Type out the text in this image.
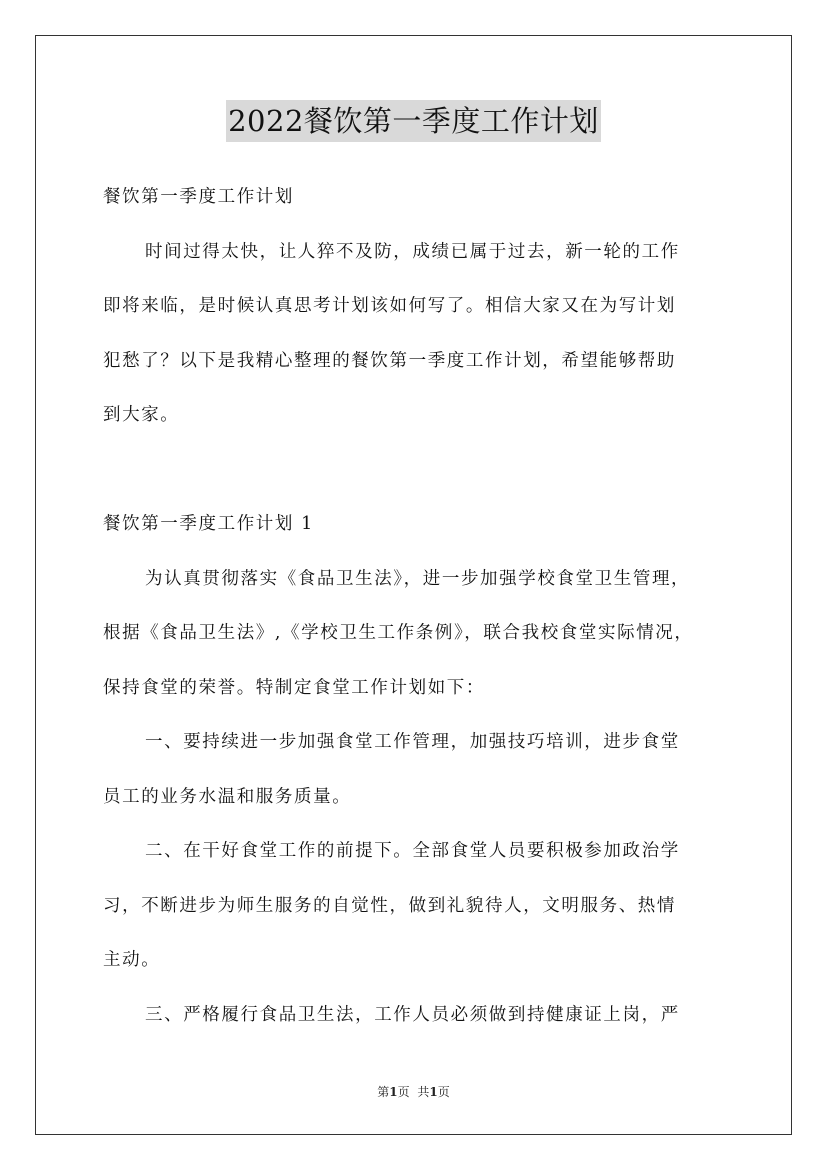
2022餐饮第一季度工作计划
餐饮第一季度工作计划
时间过得太快，让人猝不及防，成绩已属于过去，新一轮的工作
即将来临，是时候认真思考计划该如何写了。相信大家又在为写计划
犯愁了？以下是我精心整理的餐饮第一季度工作计划，希望能够帮助
到大家。
餐饮第一季度工作计划 1
为认真贯彻落实《食品卫生法》，进一步加强学校食堂卫生管理，
根据《食品卫生法》,《学校卫生工作条例》，联合我校食堂实际情况，
保持食堂的荣誉。特制定食堂工作计划如下：
一、要持续进一步加强食堂工作管理，加强技巧培训，进步食堂
员工的业务水温和服务质量。
二、在干好食堂工作的前提下。全部食堂人员要积极参加政治学
习，不断进步为师生服务的自觉性，做到礼貌待人，文明服务、热情
主动。
三、严格履行食品卫生法，工作人员必须做到持健康证上岗，严
第1页 共1页
